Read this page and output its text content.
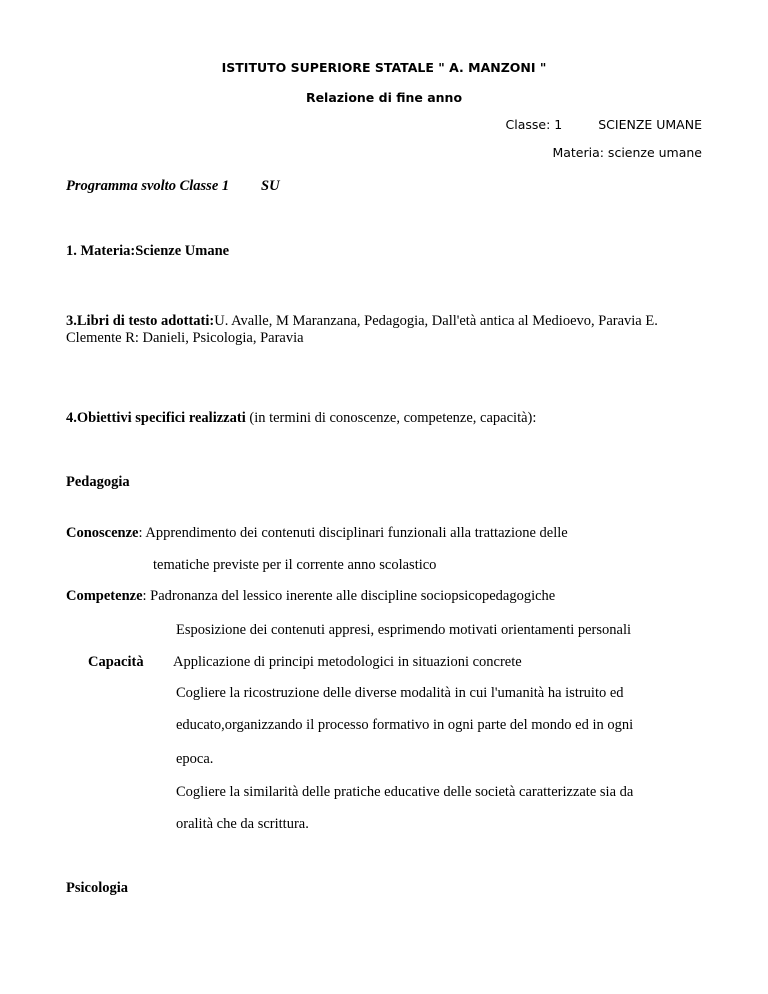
ISTITUTO SUPERIORE STATALE " A. MANZONI "
Relazione di fine anno
Classe: 1	SCIENZE UMANE
Materia: scienze umane
Programma svolto Classe 1 SU
1. Materia:Scienze Umane
3.Libri di testo adottati:U. Avalle, M Maranzana, Pedagogia, Dall'età antica al Medioevo, Paravia E.
Clemente R: Danieli, Psicologia, Paravia
4.Obiettivi specifici realizzati (in termini di conoscenze, competenze, capacità):
Pedagogia
Conoscenze: Apprendimento dei contenuti disciplinari funzionali alla trattazione delle
tematiche previste per il corrente anno scolastico
Competenze: Padronanza del lessico inerente alle discipline sociopsicopedagogiche
Esposizione dei contenuti appresi, esprimendo motivati orientamenti personali
Capacità Applicazione di principi metodologici in situazioni concrete
Cogliere la ricostruzione delle diverse modalità in cui l'umanità ha istruito ed
educato,organizzando il processo formativo in ogni parte del mondo ed in ogni
epoca.
Cogliere la similarità delle pratiche educative delle società caratterizzate sia da
oralità che da scrittura.
Psicologia
